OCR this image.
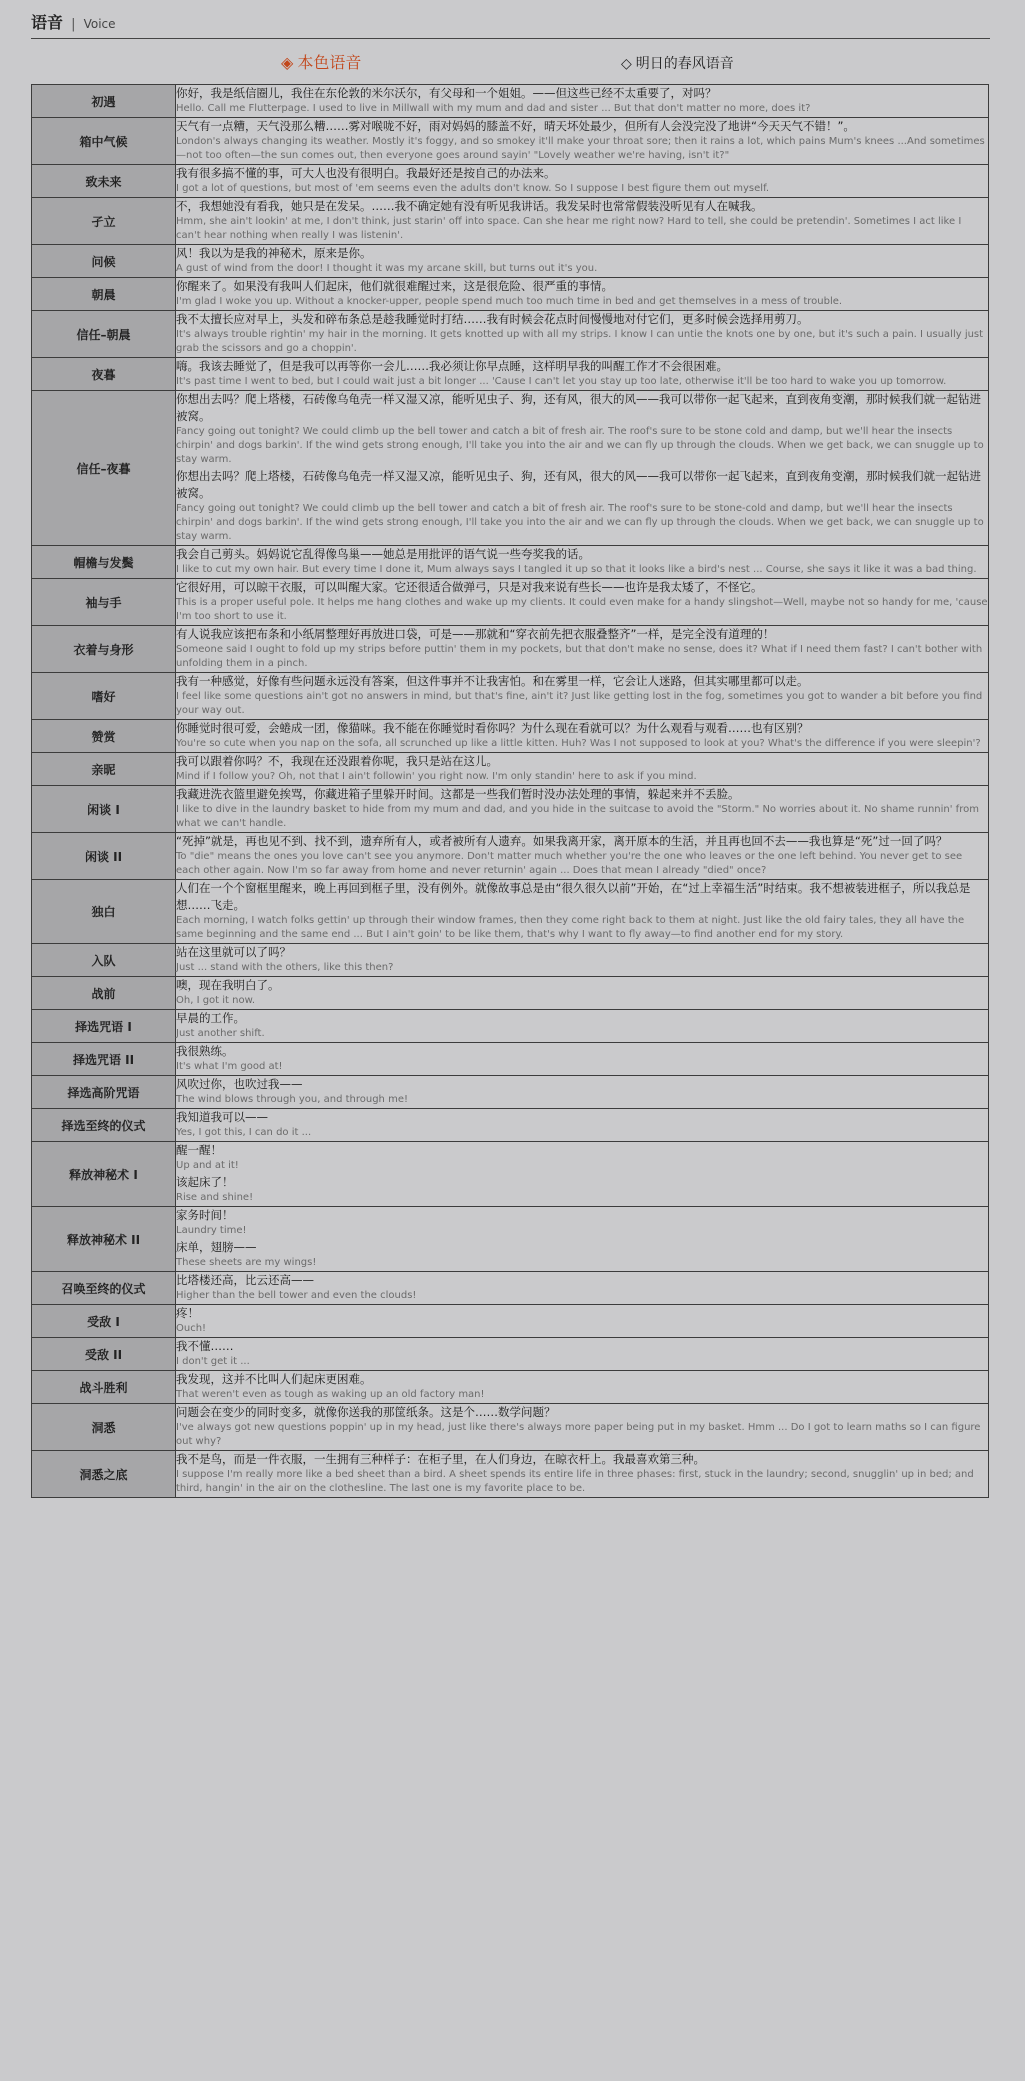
语音 | Voice
◈ 本色语音	◇ 明日的春风语音
初遇	你好，我是纸信圈儿，我住在东伦敦的米尔沃尔，有父母和一个姐姐。——但这些已经不太重要了，对吗？
Hello. Call me Flutterpage. I used to live in Millwall with my mum and dad and sister ... But that don't matter no more, does it?

箱中气候	天气有一点糟，天气没那么糟……雾对喉咙不好，雨对妈妈的膝盖不好，晴天坏处最少，但所有人会没完没了地讲“今天天气不错！”。
London's always changing its weather. Mostly it's foggy, and so smokey it'll make your throat sore; then it rains a lot, which pains Mum's knees ...And sometimes—not too often—the sun comes out, then everyone goes around sayin' "Lovely weather we're having, isn't it?"

致未来	我有很多搞不懂的事，可大人也没有很明白。我最好还是按自己的办法来。
I got a lot of questions, but most of 'em seems even the adults don't know. So I suppose I best figure them out myself.

孑立	不，我想她没有看我，她只是在发呆。……我不确定她有没有听见我讲话。我发呆时也常常假装没听见有人在喊我。
Hmm, she ain't lookin' at me, I don't think, just starin' off into space. Can she hear me right now? Hard to tell, she could be pretendin'. Sometimes I act like I can't hear nothing when really I was listenin'.

问候	风！我以为是我的神秘术，原来是你。
A gust of wind from the door! I thought it was my arcane skill, but turns out it's you.

朝晨	你醒来了。如果没有我叫人们起床，他们就很难醒过来，这是很危险、很严重的事情。
I'm glad I woke you up. Without a knocker-upper, people spend much too much time in bed and get themselves in a mess of trouble.

信任–朝晨	我不太擅长应对早上，头发和碎布条总是趁我睡觉时打结……我有时候会花点时间慢慢地对付它们，更多时候会选择用剪刀。
It's always trouble rightin' my hair in the morning. It gets knotted up with all my strips. I know I can untie the knots one by one, but it's such a pain. I usually just grab the scissors and go a choppin'.

夜暮	嗨。我该去睡觉了，但是我可以再等你一会儿……我必须让你早点睡，这样明早我的叫醒工作才不会很困难。
It's past time I went to bed, but I could wait just a bit longer ... 'Cause I can't let you stay up too late, otherwise it'll be too hard to wake you up tomorrow.

信任–夜暮	你想出去吗？爬上塔楼，石砖像乌龟壳一样又湿又凉，能听见虫子、狗，还有风，很大的风——我可以带你一起飞起来，直到夜角变潮，那时候我们就一起钻进被窝。
Fancy going out tonight? We could climb up the bell tower and catch a bit of fresh air. The roof's sure to be stone cold and damp, but we'll hear the insects chirpin' and dogs barkin'. If the wind gets strong enough, I'll take you into the air and we can fly up through the clouds. When we get back, we can snuggle up to stay warm.
你想出去吗？爬上塔楼，石砖像乌龟壳一样又湿又凉，能听见虫子、狗，还有风，很大的风——我可以带你一起飞起来，直到夜角变潮，那时候我们就一起钻进被窝。
Fancy going out tonight? We could climb up the bell tower and catch a bit of fresh air. The roof's sure to be stone-cold and damp, but we'll hear the insects chirpin' and dogs barkin'. If the wind gets strong enough, I'll take you into the air and we can fly up through the clouds. When we get back, we can snuggle up to stay warm.

帽檐与发鬓	我会自己剪头。妈妈说它乱得像鸟巢——她总是用批评的语气说一些夸奖我的话。
I like to cut my own hair. But every time I done it, Mum always says I tangled it up so that it looks like a bird's nest ... Course, she says it like it was a bad thing.

袖与手	它很好用，可以晾干衣服，可以叫醒大家。它还很适合做弹弓，只是对我来说有些长——也许是我太矮了，不怪它。
This is a proper useful pole. It helps me hang clothes and wake up my clients. It could even make for a handy slingshot—Well, maybe not so handy for me, 'cause I'm too short to use it.

衣着与身形	有人说我应该把布条和小纸屑整理好再放进口袋，可是——那就和“穿衣前先把衣服叠整齐”一样，是完全没有道理的！
Someone said I ought to fold up my strips before puttin' them in my pockets, but that don't make no sense, does it? What if I need them fast? I can't bother with unfolding them in a pinch.

嗜好	我有一种感觉，好像有些问题永远没有答案，但这件事并不让我害怕。和在雾里一样，它会让人迷路，但其实哪里都可以走。
I feel like some questions ain't got no answers in mind, but that's fine, ain't it? Just like getting lost in the fog, sometimes you got to wander a bit before you find your way out.

赞赏	你睡觉时很可爱，会蜷成一团，像猫咪。我不能在你睡觉时看你吗？为什么现在看就可以？为什么观看与观看……也有区别？
You're so cute when you nap on the sofa, all scrunched up like a little kitten. Huh? Was I not supposed to look at you? What's the difference if you were sleepin'?

亲昵	我可以跟着你吗？不，我现在还没跟着你呢，我只是站在这儿。
Mind if I follow you? Oh, not that I ain't followin' you right now. I'm only standin' here to ask if you mind.

闲谈 I	我藏进洗衣篮里避免挨骂，你藏进箱子里躲开时间。这都是一些我们暂时没办法处理的事情，躲起来并不丢脸。
I like to dive in the laundry basket to hide from my mum and dad, and you hide in the suitcase to avoid the "Storm." No worries about it. No shame runnin' from what we can't handle.

闲谈 II	“死掉”就是，再也见不到、找不到，遗弃所有人，或者被所有人遗弃。如果我离开家，离开原本的生活，并且再也回不去——我也算是“死”过一回了吗？
To "die" means the ones you love can't see you anymore. Don't matter much whether you're the one who leaves or the one left behind. You never get to see each other again. Now I'm so far away from home and never returnin' again ... Does that mean I already "died" once?

独白	人们在一个个窗框里醒来，晚上再回到框子里，没有例外。就像故事总是由“很久很久以前”开始，在“过上幸福生活”时结束。我不想被装进框子，所以我总是想……飞走。
Each morning, I watch folks gettin' up through their window frames, then they come right back to them at night. Just like the old fairy tales, they all have the same beginning and the same end ... But I ain't goin' to be like them, that's why I want to fly away—to find another end for my story.

入队	站在这里就可以了吗？
Just ... stand with the others, like this then?

战前	噢，现在我明白了。
Oh, I got it now.

择选咒语 I	早晨的工作。
Just another shift.

择选咒语 II	我很熟练。
It's what I'm good at!

择选高阶咒语	风吹过你，也吹过我——
The wind blows through you, and through me!

择选至终的仪式	我知道我可以——
Yes, I got this, I can do it ...

释放神秘术 I	醒一醒！
Up and at it!
该起床了！
Rise and shine!

释放神秘术 II	家务时间！
Laundry time!
床单，翅膀——
These sheets are my wings!

召唤至终的仪式	比塔楼还高，比云还高——
Higher than the bell tower and even the clouds!

受敌 I	疼！
Ouch!

受敌 II	我不懂……
I don't get it ...

战斗胜利	我发现，这并不比叫人们起床更困难。
That weren't even as tough as waking up an old factory man!

洞悉	问题会在变少的同时变多，就像你送我的那筐纸条。这是个……数学问题？
I've always got new questions poppin' up in my head, just like there's always more paper being put in my basket. Hmm ... Do I got to learn maths so I can figure out why?

洞悉之底	我不是鸟，而是一件衣服，一生拥有三种样子：在柜子里，在人们身边，在晾衣杆上。我最喜欢第三种。
I suppose I'm really more like a bed sheet than a bird. A sheet spends its entire life in three phases: first, stuck in the laundry; second, snugglin' up in bed; and third, hangin' in the air on the clothesline. The last one is my favorite place to be.
